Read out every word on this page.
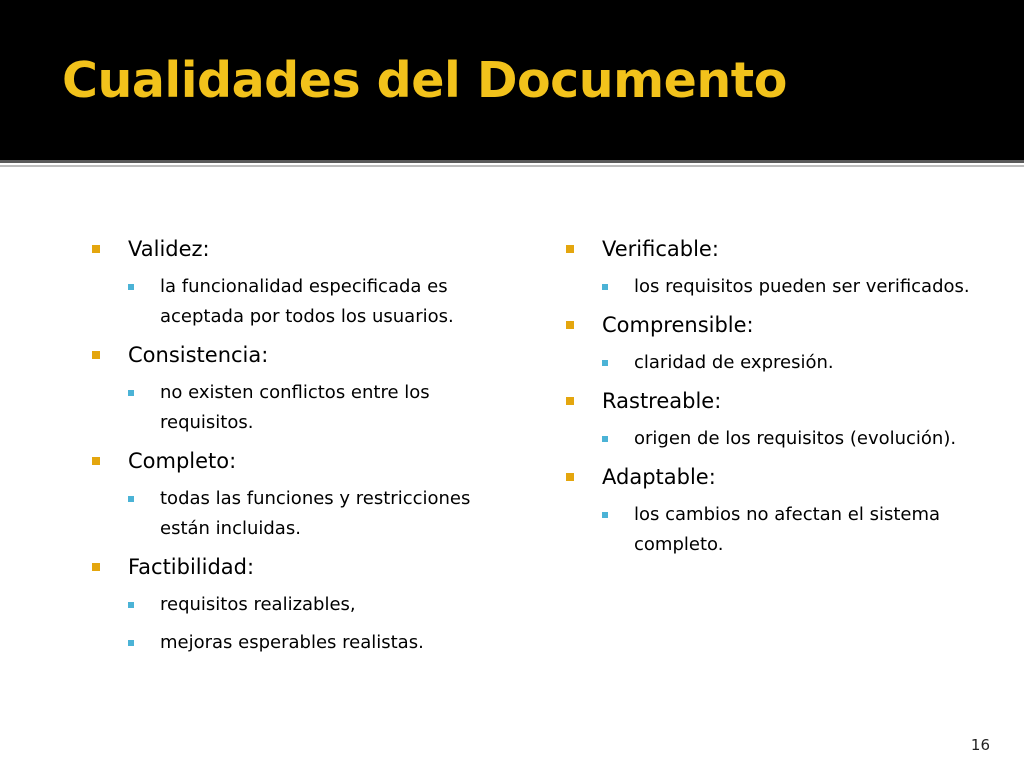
Cualidades del Documento
Validez:
la funcionalidad especificada es aceptada por todos los usuarios.
Consistencia:
no existen conflictos entre los requisitos.
Completo:
todas las funciones y restricciones están incluidas.
Factibilidad:
requisitos realizables,
mejoras esperables realistas.
Verificable:
los requisitos pueden ser verificados.
Comprensible:
claridad de expresión.
Rastreable:
origen de los requisitos (evolución).
Adaptable:
los cambios no afectan el sistema completo.
16
